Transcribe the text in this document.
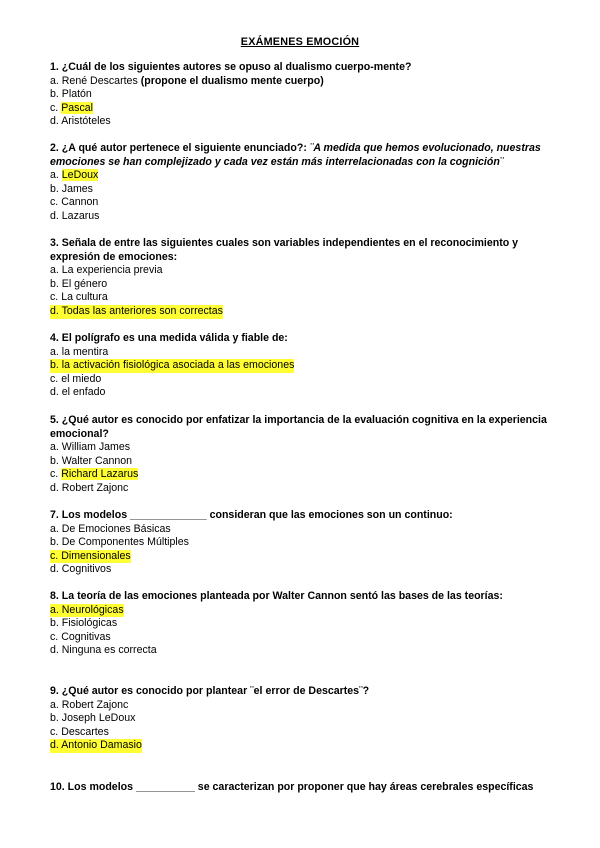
EXÁMENES EMOCIÓN

1. ¿Cuál de los siguientes autores se opuso al dualismo cuerpo-mente?

a. René Descartes (propone el dualismo mente cuerpo)

b. Platón

c. Pascal

d. Aristóteles

2. ¿A qué autor pertenece el siguiente enunciado?: ¨A medida que hemos evolucionado, nuestras emociones se han complejizado y cada vez están más interrelacionadas con la cognición¨

a. LeDoux

b. James

c. Cannon

d. Lazarus

3. Señala de entre las siguientes cuales son variables independientes en el reconocimiento y expresión de emociones:

a. La experiencia previa

b. El género

c. La cultura

d. Todas las anteriores son correctas

4. El polígrafo es una medida válida y fiable de:

a. la mentira

b. la activación fisiológica asociada a las emociones

c. el miedo

d. el enfado

5. ¿Qué autor es conocido por enfatizar la importancia de la evaluación cognitiva en la experiencia emocional?

a. William James

b. Walter Cannon

c. Richard Lazarus

d. Robert Zajonc

7. Los modelos _____________ consideran que las emociones son un continuo:

a. De Emociones Básicas

b. De Componentes Múltiples

c. Dimensionales

d. Cognitivos

8. La teoría de las emociones planteada por Walter Cannon sentó las bases de las teorías:

a. Neurológicas

b. Fisiológicas

c. Cognitivas

d. Ninguna es correcta

9. ¿Qué autor es conocido por plantear ¨el error de Descartes¨?

a. Robert Zajonc

b. Joseph LeDoux

c. Descartes

d. Antonio Damasio

10. Los modelos __________ se caracterizan por proponer que hay áreas cerebrales específicas
